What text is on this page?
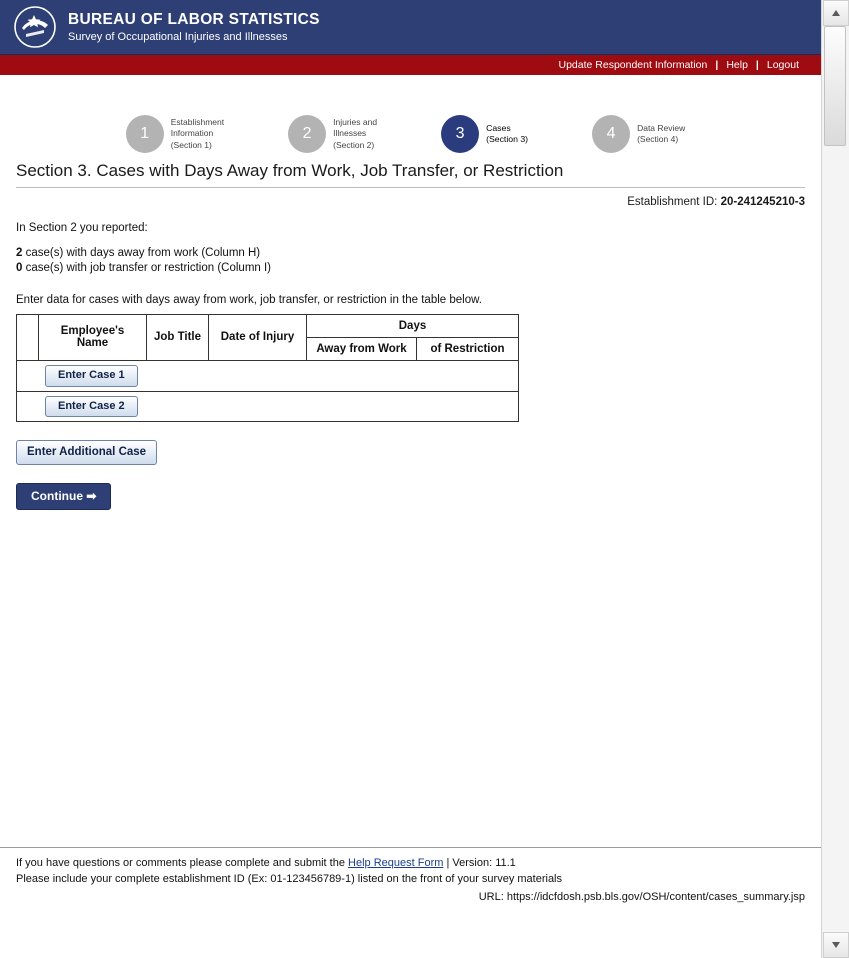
BUREAU OF LABOR STATISTICS
Survey of Occupational Injuries and Illnesses
Update Respondent Information | Help | Logout
1
Establishment
Information
(Section 1)
2
Injuries and
Illnesses
(Section 2)
3	Cases
(Section 3)	4	Data Review
(Section 4)
Section 3. Cases with Days Away from Work, Job Transfer, or Restriction
Establishment ID: 20-241245210-3
In Section 2 you reported:
2 case(s) with days away from work (Column H)
0 case(s) with job transfer or restriction (Column I)
Enter data for cases with days away from work, job transfer, or restriction in the table below.
	Employee's Name	Job Title	Date of Injury	Days	
				Away from Work	of Restriction
Enter Case 1					
Enter Case 2					
Enter Additional Case
Continue ➡
If you have questions or comments please complete and submit the Help Request Form | Version: 11.1
Please include your complete establishment ID (Ex: 01-123456789-1) listed on the front of your survey materials
URL: https://idcfdosh.psb.bls.gov/OSH/content/cases_summary.jsp
